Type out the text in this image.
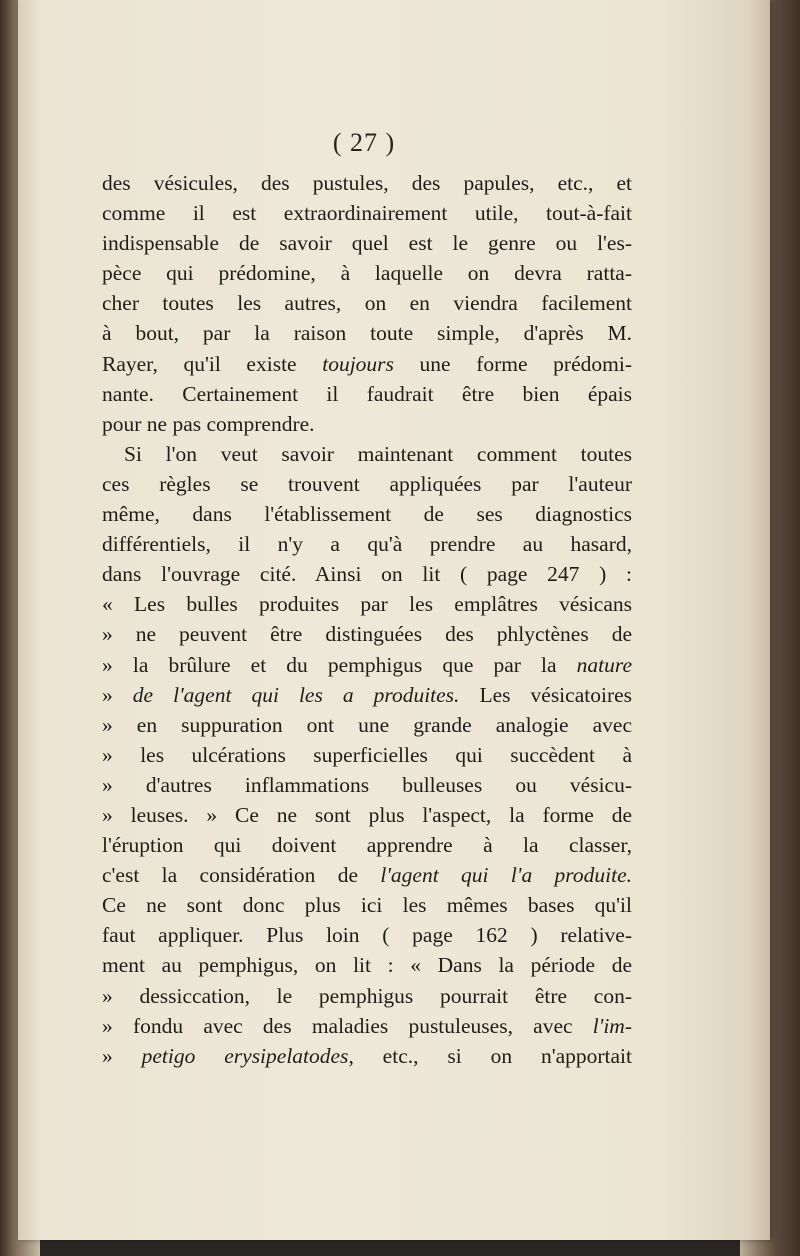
( 27 )
des vésicules, des pustules, des papules, etc., et
comme il est extraordinairement utile, tout-à-fait
indispensable de savoir quel est le genre ou l'es-
pèce qui prédomine, à laquelle on devra ratta-
cher toutes les autres, on en viendra facilement
à bout, par la raison toute simple, d'après M.
Rayer, qu'il existe toujours une forme prédomi-
nante. Certainement il faudrait être bien épais
pour ne pas comprendre.
Si l'on veut savoir maintenant comment toutes
ces règles se trouvent appliquées par l'auteur
même, dans l'établissement de ses diagnostics
différentiels, il n'y a qu'à prendre au hasard,
dans l'ouvrage cité. Ainsi on lit ( page 247 ) :
« Les bulles produites par les emplâtres vésicans
» ne peuvent être distinguées des phlyctènes de
» la brûlure et du pemphigus que par la nature
» de l'agent qui les a produites. Les vésicatoires
» en suppuration ont une grande analogie avec
» les ulcérations superficielles qui succèdent à
» d'autres inflammations bulleuses ou vésicu-
» leuses. » Ce ne sont plus l'aspect, la forme de
l'éruption qui doivent apprendre à la classer,
c'est la considération de l'agent qui l'a produite.
Ce ne sont donc plus ici les mêmes bases qu'il
faut appliquer. Plus loin ( page 162 ) relative-
ment au pemphigus, on lit : « Dans la période de
» dessiccation, le pemphigus pourrait être con-
» fondu avec des maladies pustuleuses, avec l'im-
» petigo erysipelatodes, etc., si on n'apportait
